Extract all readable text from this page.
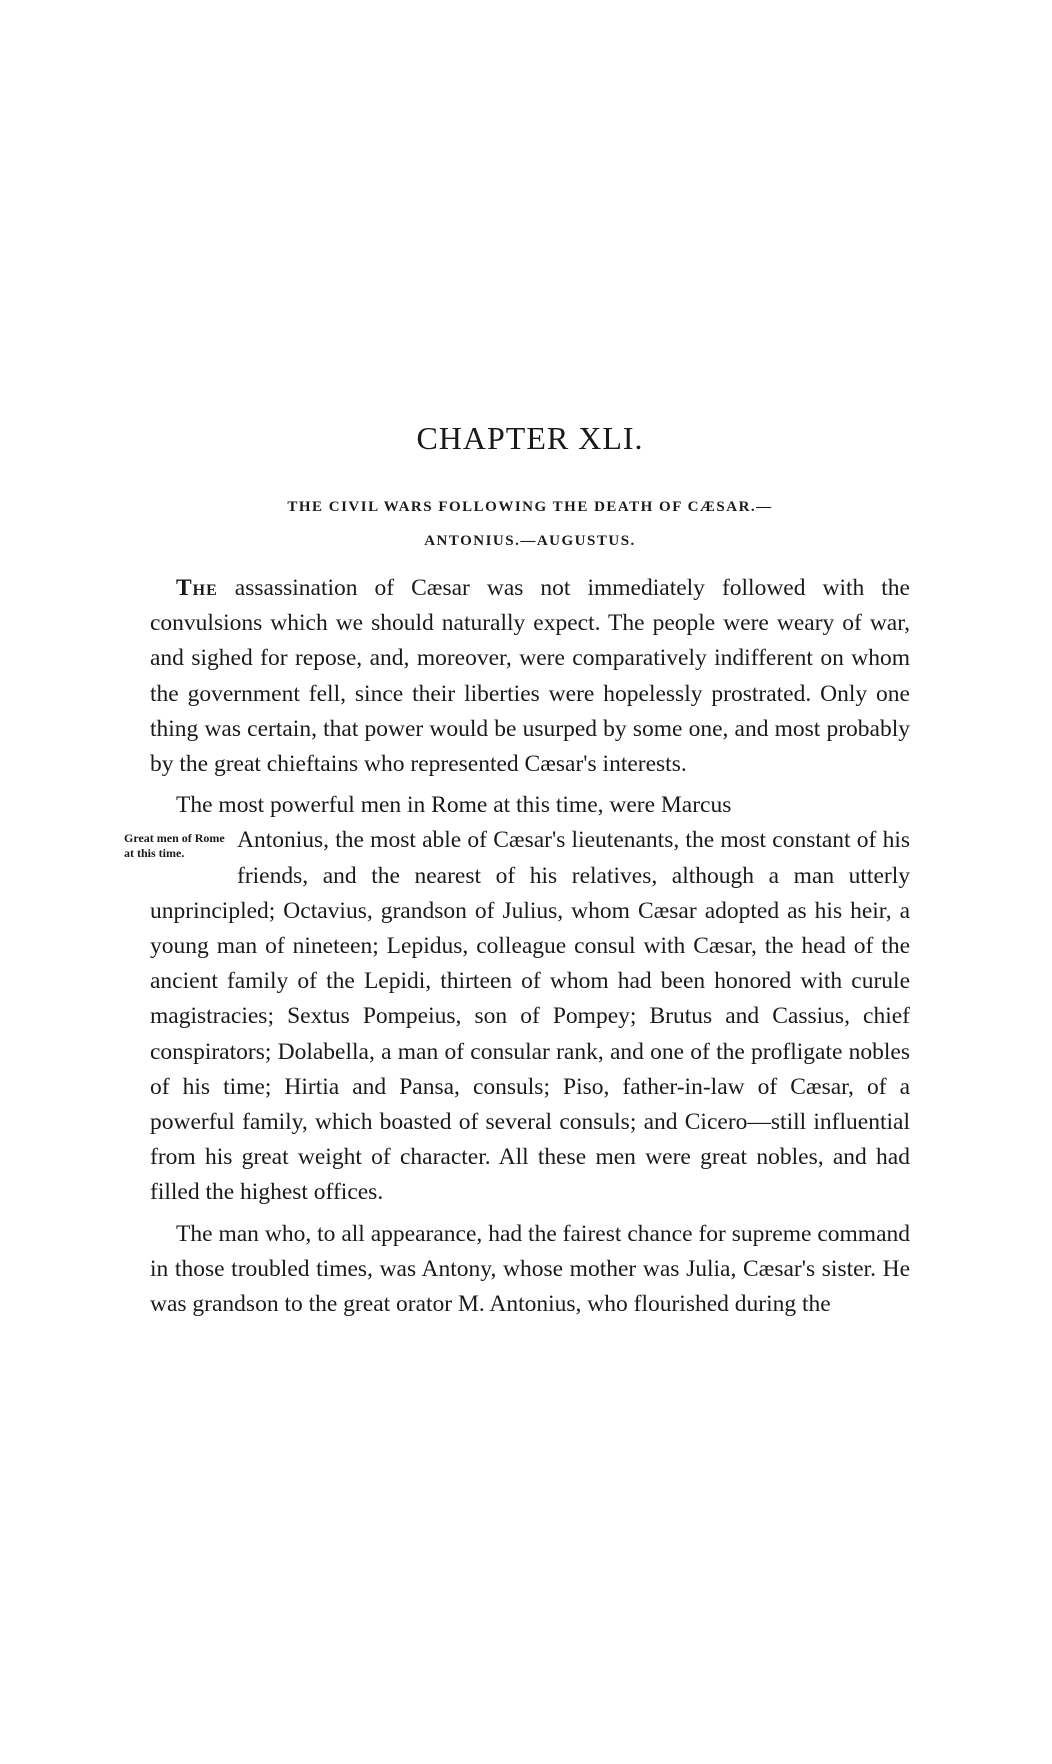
CHAPTER XLI.
THE CIVIL WARS FOLLOWING THE DEATH OF CÆSAR.—
ANTONIUS.—AUGUSTUS.

The assassination of Cæsar was not immediately followed with the convulsions which we should naturally expect. The people were weary of war, and sighed for repose, and, moreover, were comparatively indifferent on whom the government fell, since their liberties were hopelessly prostrated. Only one thing was certain, that power would be usurped by some one, and most probably by the great chieftains who represented Cæsar's interests.

The most powerful men in Rome at this time, were Marcus

Great men of Rome at this time.	Antonius, the most able of Cæsar's lieutenants, the most constant of his friends, and the nearest of his relatives, although a man utterly unprincipled; Octavius, grandson of Julius, whom Cæsar adopted as his heir, a young man of nineteen; Lepidus, colleague consul with Cæsar, the head of the ancient family of the Lepidi, thirteen of whom had been honored with curule magistracies; Sextus Pompeius, son of Pompey; Brutus and Cassius, chief conspirators; Dolabella, a man of consular rank, and one of the profligate nobles of his time; Hirtia and Pansa, consuls; Piso, father-in-law of Cæsar, of a powerful family, which boasted of several consuls; and Cicero—still influential from his great weight of character. All these men were great nobles, and had filled the highest offices.

The man who, to all appearance, had the fairest chance for supreme command in those troubled times, was Antony, whose mother was Julia, Cæsar's sister. He was grandson to the great orator M. Antonius, who flourished during the
